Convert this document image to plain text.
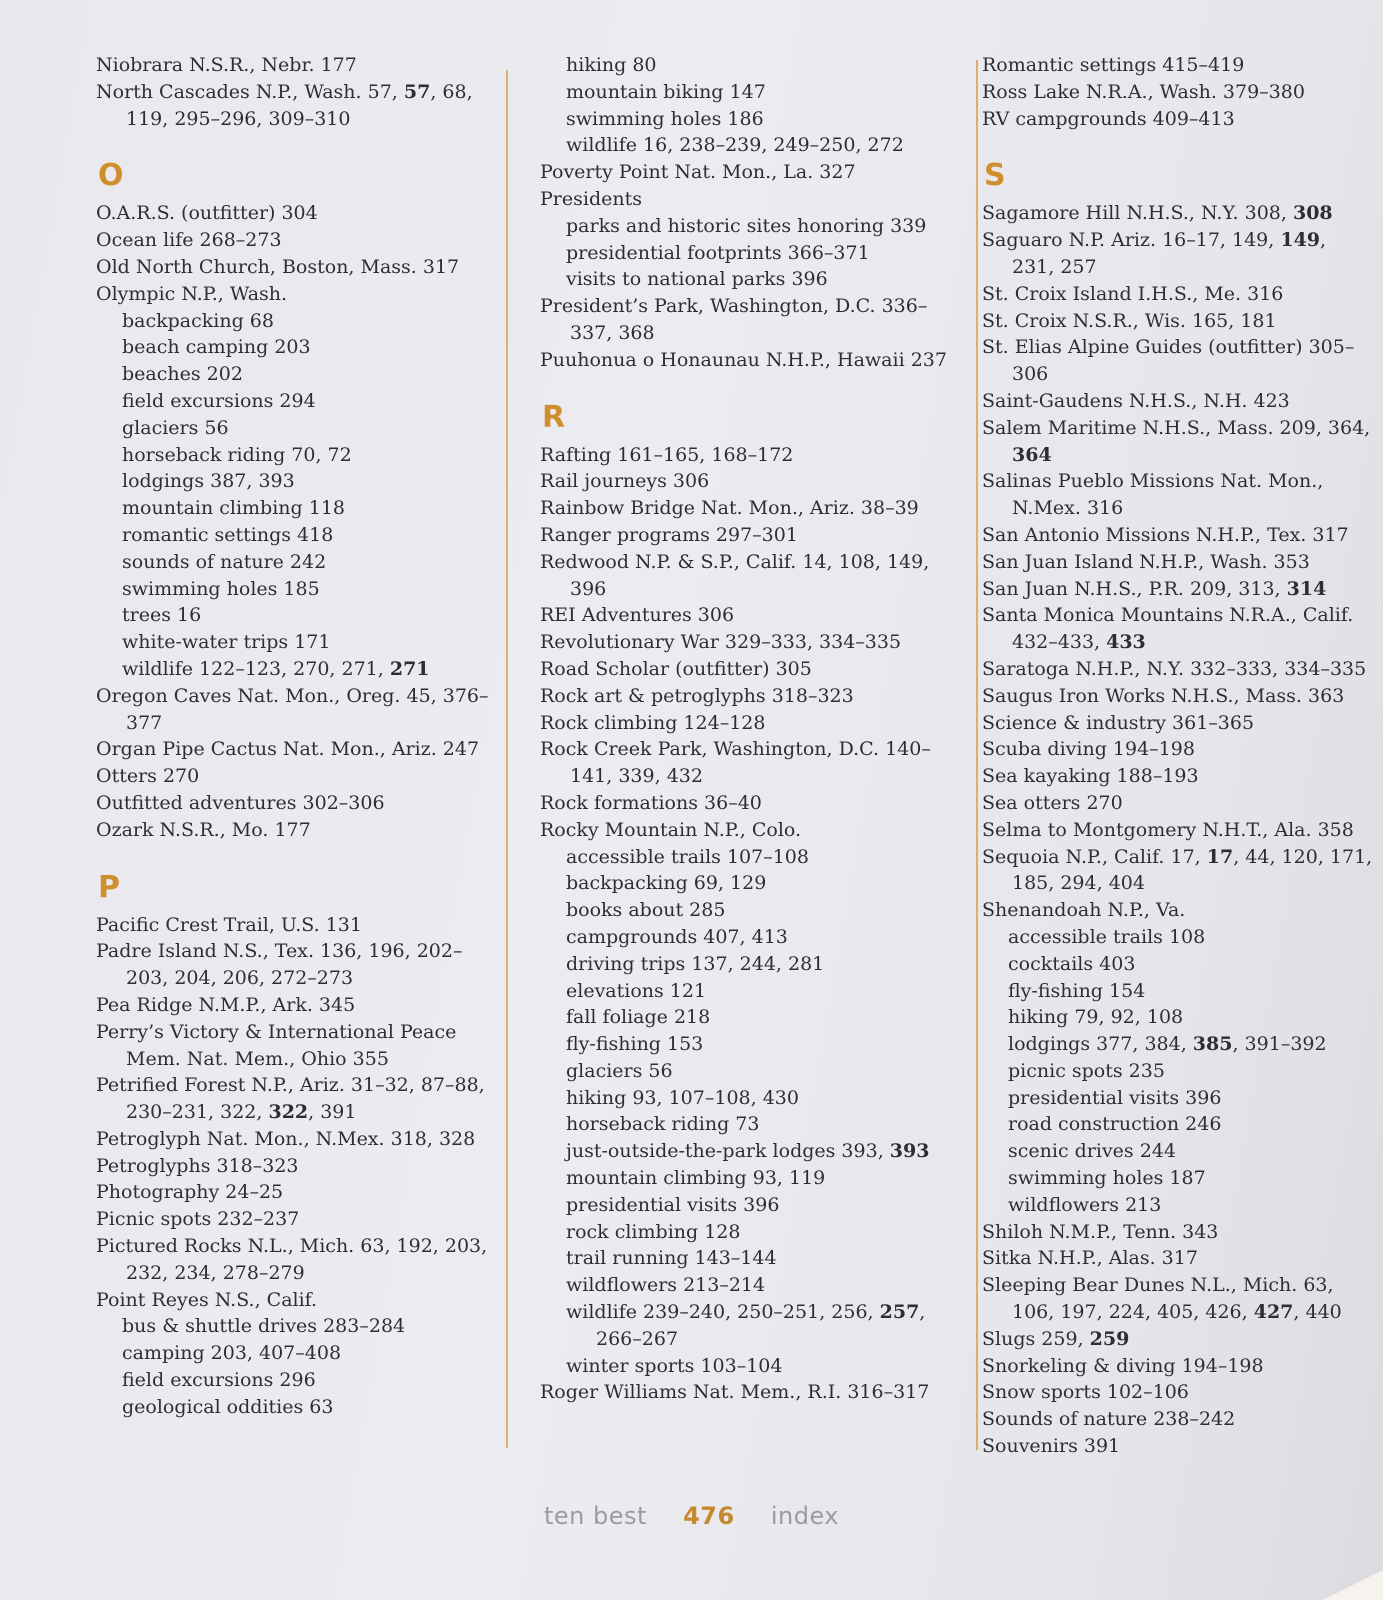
Niobrara N.S.R., Nebr. 177
North Cascades N.P., Wash. 57, 57, 68, 119, 295–296, 309–310
O
O.A.R.S. (outfitter) 304
Ocean life 268–273
Old North Church, Boston, Mass. 317
Olympic N.P., Wash.
backpacking 68
beach camping 203
beaches 202
field excursions 294
glaciers 56
horseback riding 70, 72
lodgings 387, 393
mountain climbing 118
romantic settings 418
sounds of nature 242
swimming holes 185
trees 16
white-water trips 171
wildlife 122–123, 270, 271, 271
Oregon Caves Nat. Mon., Oreg. 45, 376–377
Organ Pipe Cactus Nat. Mon., Ariz. 247
Otters 270
Outfitted adventures 302–306
Ozark N.S.R., Mo. 177
P
Pacific Crest Trail, U.S. 131
Padre Island N.S., Tex. 136, 196, 202–203, 204, 206, 272–273
Pea Ridge N.M.P., Ark. 345
Perry’s Victory & International Peace Mem. Nat. Mem., Ohio 355
Petrified Forest N.P., Ariz. 31–32, 87–88, 230–231, 322, 322, 391
Petroglyph Nat. Mon., N.Mex. 318, 328
Petroglyphs 318–323
Photography 24–25
Picnic spots 232–237
Pictured Rocks N.L., Mich. 63, 192, 203, 232, 234, 278–279
Point Reyes N.S., Calif.
bus & shuttle drives 283–284
camping 203, 407–408
field excursions 296
geological oddities 63
hiking 80
mountain biking 147
swimming holes 186
wildlife 16, 238–239, 249–250, 272
Poverty Point Nat. Mon., La. 327
Presidents
parks and historic sites honoring 339
presidential footprints 366–371
visits to national parks 396
President’s Park, Washington, D.C. 336–337, 368
Puuhonua o Honaunau N.H.P., Hawaii 237
R
Rafting 161–165, 168–172
Rail journeys 306
Rainbow Bridge Nat. Mon., Ariz. 38–39
Ranger programs 297–301
Redwood N.P. & S.P., Calif. 14, 108, 149, 396
REI Adventures 306
Revolutionary War 329–333, 334–335
Road Scholar (outfitter) 305
Rock art & petroglyphs 318–323
Rock climbing 124–128
Rock Creek Park, Washington, D.C. 140–141, 339, 432
Rock formations 36–40
Rocky Mountain N.P., Colo.
accessible trails 107–108
backpacking 69, 129
books about 285
campgrounds 407, 413
driving trips 137, 244, 281
elevations 121
fall foliage 218
fly-fishing 153
glaciers 56
hiking 93, 107–108, 430
horseback riding 73
just-outside-the-park lodges 393, 393
mountain climbing 93, 119
presidential visits 396
rock climbing 128
trail running 143–144
wildflowers 213–214
wildlife 239–240, 250–251, 256, 257, 266–267
winter sports 103–104
Roger Williams Nat. Mem., R.I. 316–317
Romantic settings 415–419
Ross Lake N.R.A., Wash. 379–380
RV campgrounds 409–413
S
Sagamore Hill N.H.S., N.Y. 308, 308
Saguaro N.P. Ariz. 16–17, 149, 149, 231, 257
St. Croix Island I.H.S., Me. 316
St. Croix N.S.R., Wis. 165, 181
St. Elias Alpine Guides (outfitter) 305–306
Saint-Gaudens N.H.S., N.H. 423
Salem Maritime N.H.S., Mass. 209, 364, 364
Salinas Pueblo Missions Nat. Mon., N.Mex. 316
San Antonio Missions N.H.P., Tex. 317
San Juan Island N.H.P., Wash. 353
San Juan N.H.S., P.R. 209, 313, 314
Santa Monica Mountains N.R.A., Calif. 432–433, 433
Saratoga N.H.P., N.Y. 332–333, 334–335
Saugus Iron Works N.H.S., Mass. 363
Science & industry 361–365
Scuba diving 194–198
Sea kayaking 188–193
Sea otters 270
Selma to Montgomery N.H.T., Ala. 358
Sequoia N.P., Calif. 17, 17, 44, 120, 171, 185, 294, 404
Shenandoah N.P., Va.
accessible trails 108
cocktails 403
fly-fishing 154
hiking 79, 92, 108
lodgings 377, 384, 385, 391–392
picnic spots 235
presidential visits 396
road construction 246
scenic drives 244
swimming holes 187
wildflowers 213
Shiloh N.M.P., Tenn. 343
Sitka N.H.P., Alas. 317
Sleeping Bear Dunes N.L., Mich. 63, 106, 197, 224, 405, 426, 427, 440
Slugs 259, 259
Snorkeling & diving 194–198
Snow sports 102–106
Sounds of nature 238–242
Souvenirs 391
ten best 476 index
